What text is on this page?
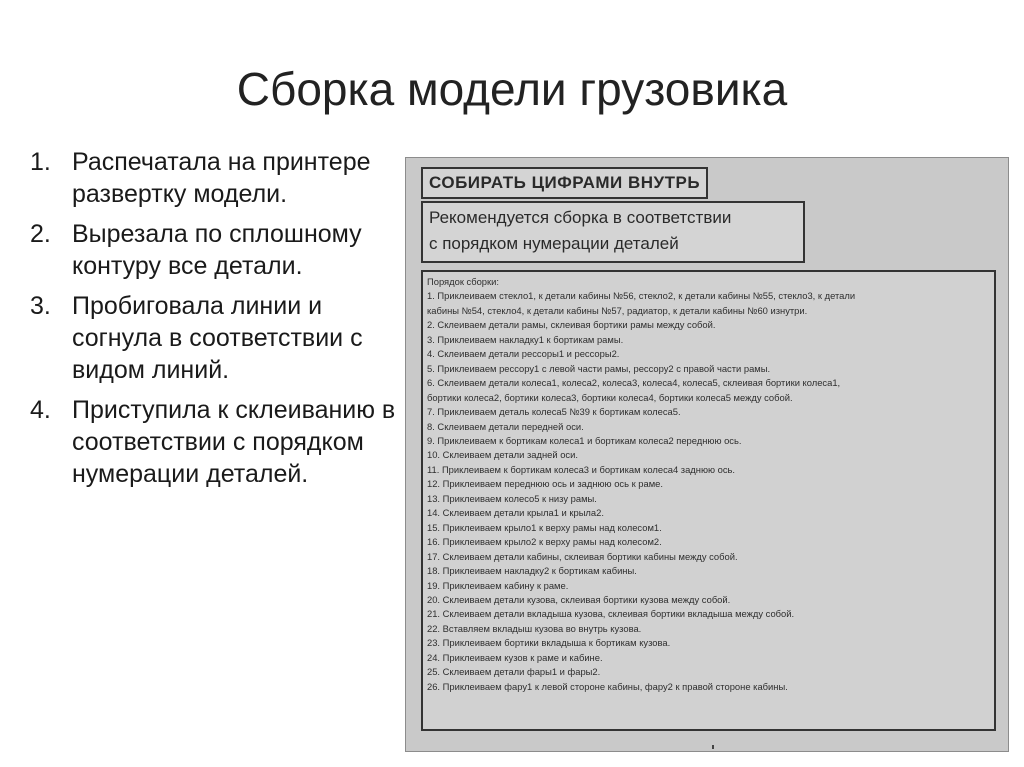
Сборка модели грузовика
1. Распечатала на принтере развертку модели.
2. Вырезала по сплошному контуру все детали.
3. Пробиговала линии и согнула в соответствии с видом линий.
4. Приступила к склеиванию в соответствии с порядком нумерации деталей.
СОБИРАТЬ ЦИФРАМИ ВНУТРЬ
Рекомендуется сборка в соответствии
с порядком нумерации деталей
Порядок сборки:
1. Приклеиваем стекло1, к детали кабины №56, стекло2, к детали кабины №55, стекло3, к детали
кабины №54, стекло4, к детали кабины №57, радиатор, к детали кабины №60 изнутри.
2. Склеиваем детали рамы, склеивая бортики рамы между собой.
3. Приклеиваем накладку1 к бортикам рамы.
4. Склеиваем детали рессоры1 и рессоры2.
5. Приклеиваем рессору1 с левой части рамы, рессору2 с правой части рамы.
6. Склеиваем детали колеса1, колеса2, колеса3, колеса4, колеса5, склеивая бортики колеса1,
бортики колеса2, бортики колеса3, бортики колеса4, бортики колеса5 между собой.
7. Приклеиваем деталь колеса5 №39 к бортикам колеса5.
8. Склеиваем детали передней оси.
9. Приклеиваем к бортикам колеса1 и бортикам колеса2 переднюю ось.
10. Склеиваем детали задней оси.
11. Приклеиваем к бортикам колеса3 и бортикам колеса4 заднюю ось.
12. Приклеиваем переднюю ось и заднюю ось к раме.
13. Приклеиваем колесо5 к низу рамы.
14. Склеиваем детали крыла1 и крыла2.
15. Приклеиваем крыло1 к верху рамы над колесом1.
16. Приклеиваем крыло2 к верху рамы над колесом2.
17. Склеиваем детали кабины, склеивая бортики кабины между собой.
18. Приклеиваем накладку2 к бортикам кабины.
19. Приклеиваем кабину к раме.
20. Склеиваем детали кузова, склеивая бортики кузова между собой.
21. Склеиваем детали вкладыша кузова, склеивая бортики вкладыша между собой.
22. Вставляем вкладыш кузова во внутрь кузова.
23. Приклеиваем бортики вкладыша к бортикам кузова.
24. Приклеиваем кузов к раме и кабине.
25. Склеиваем детали фары1 и фары2.
26. Приклеиваем фару1 к левой стороне кабины, фару2 к правой стороне кабины.
